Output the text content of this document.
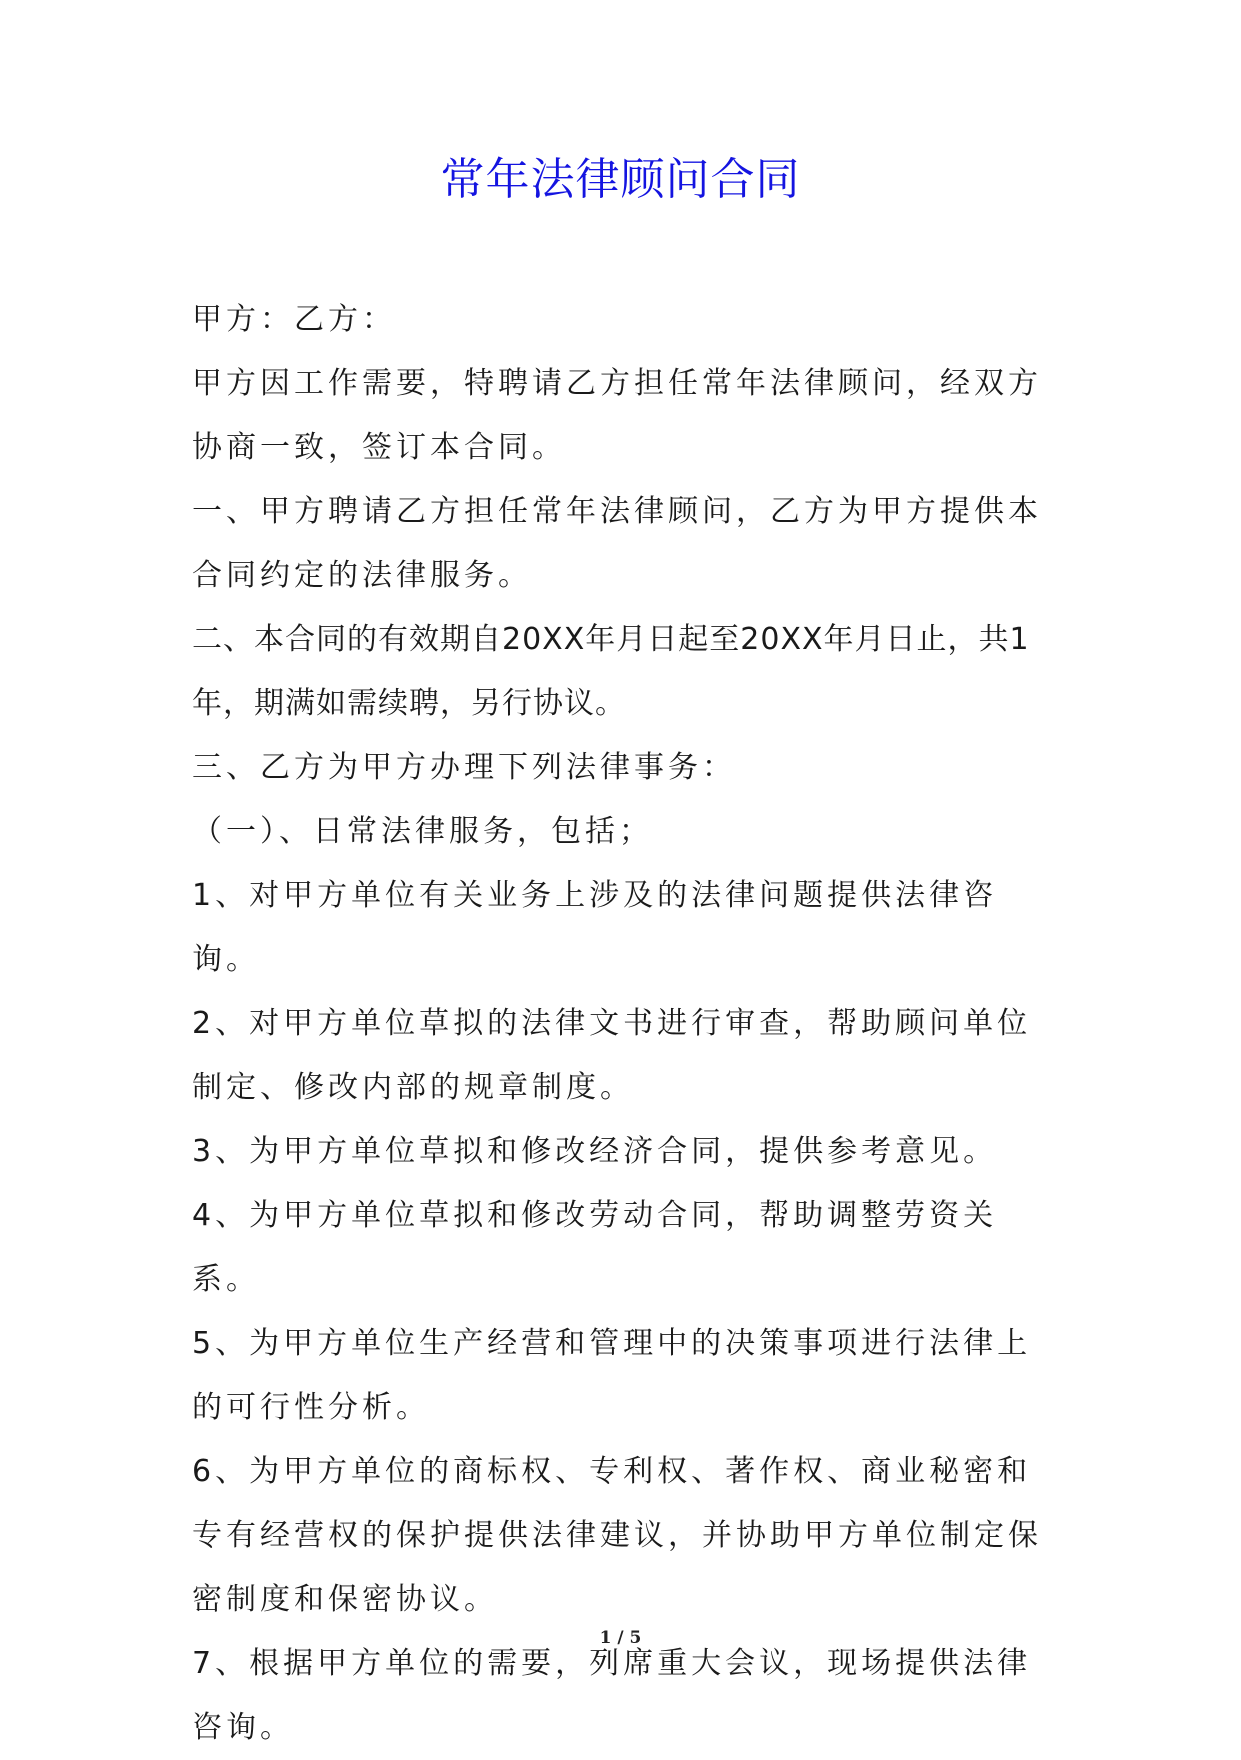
常年法律顾问合同

甲方：乙方：

甲方因工作需要，特聘请乙方担任常年法律顾问，经双方协商一致，签订本合同。

一、甲方聘请乙方担任常年法律顾问，乙方为甲方提供本合同约定的法律服务。

二、本合同的有效期自20XX年月日起至20XX年月日止，共1年，期满如需续聘，另行协议。

三、乙方为甲方办理下列法律事务：

（一）、日常法律服务，包括；

1、对甲方单位有关业务上涉及的法律问题提供法律咨询。

2、对甲方单位草拟的法律文书进行审查，帮助顾问单位制定、修改内部的规章制度。

3、为甲方单位草拟和修改经济合同，提供参考意见。

4、为甲方单位草拟和修改劳动合同，帮助调整劳资关系。

5、为甲方单位生产经营和管理中的决策事项进行法律上的可行性分析。

6、为甲方单位的商标权、专利权、著作权、商业秘密和专有经营权的保护提供法律建议，并协助甲方单位制定保密制度和保密协议。

7、根据甲方单位的需要，列席重大会议，现场提供法律咨询。

1 / 5
